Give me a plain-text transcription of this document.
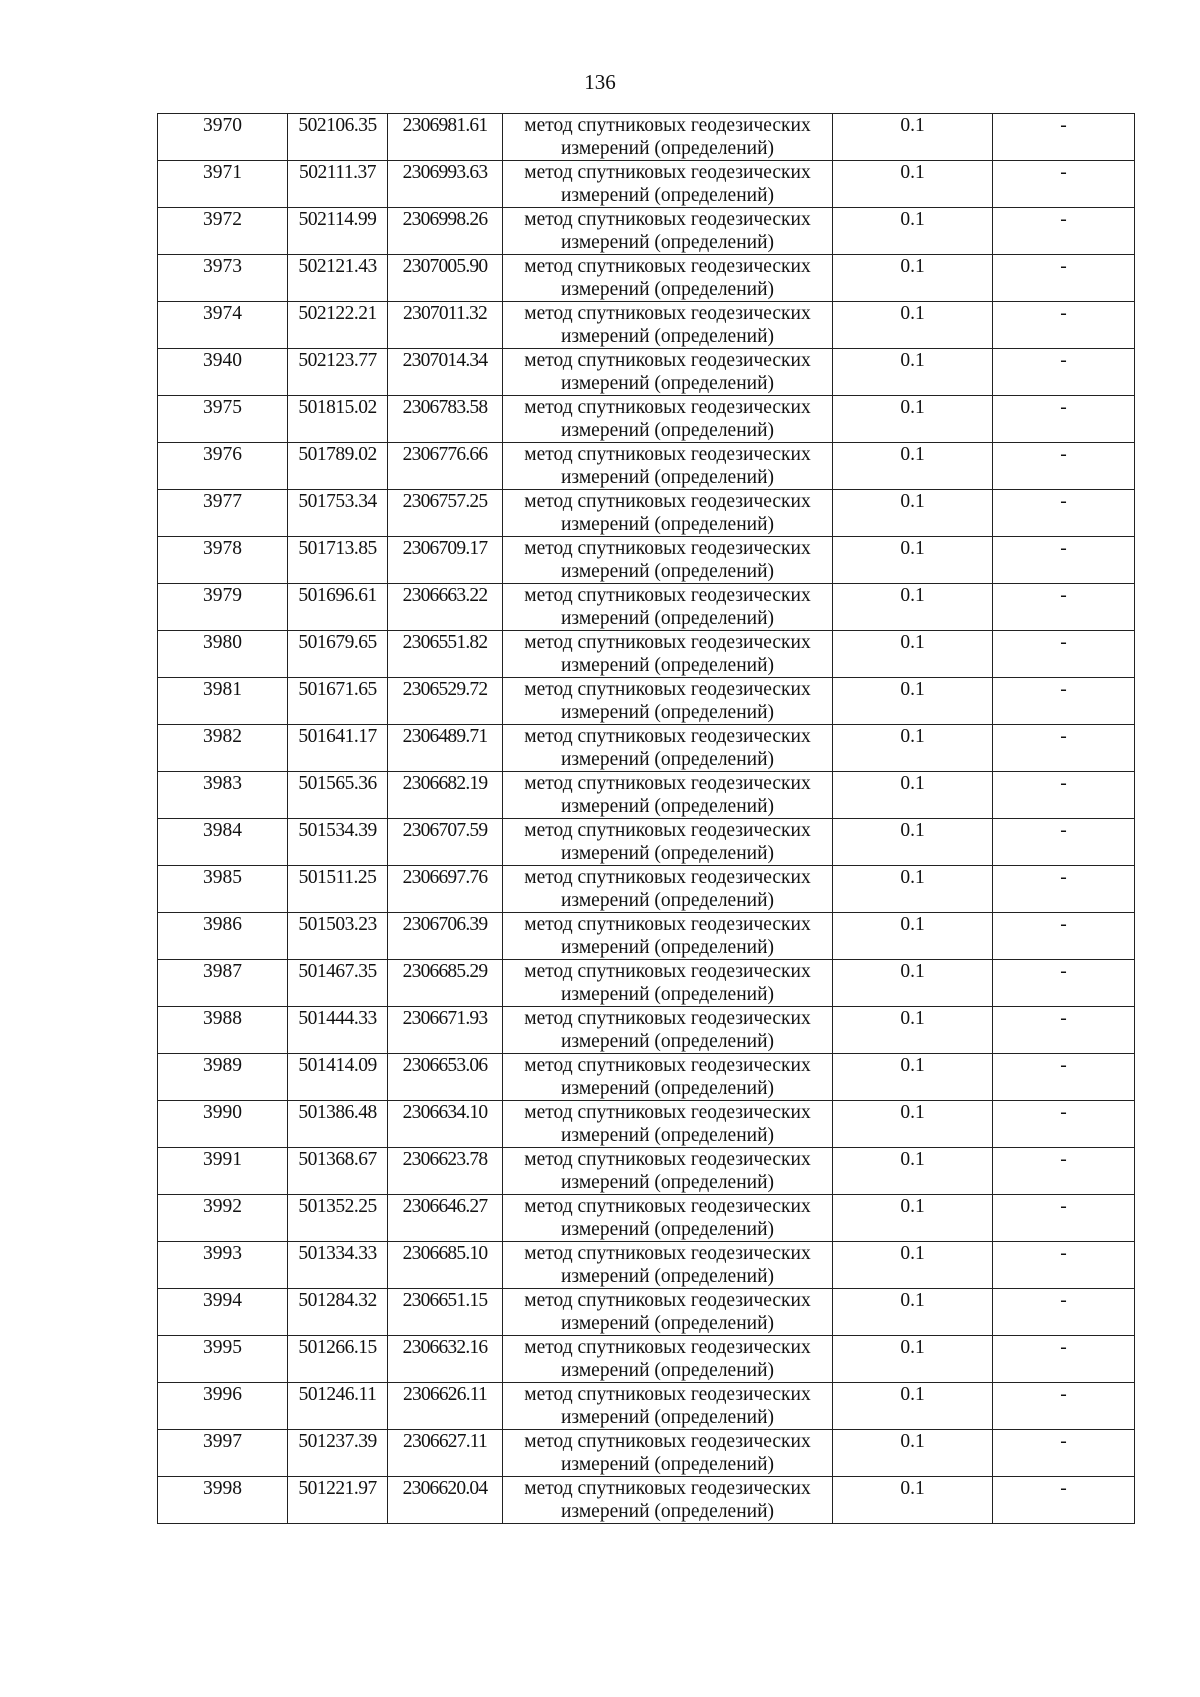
136
3970	502106.35	2306981.61	метод спутниковых геодезических
измерений (определений)	0.1	-
3971	502111.37	2306993.63	метод спутниковых геодезических
измерений (определений)	0.1	-
3972	502114.99	2306998.26	метод спутниковых геодезических
измерений (определений)	0.1	-
3973	502121.43	2307005.90	метод спутниковых геодезических
измерений (определений)	0.1	-
3974	502122.21	2307011.32	метод спутниковых геодезических
измерений (определений)	0.1	-
3940	502123.77	2307014.34	метод спутниковых геодезических
измерений (определений)	0.1	-
3975	501815.02	2306783.58	метод спутниковых геодезических
измерений (определений)	0.1	-
3976	501789.02	2306776.66	метод спутниковых геодезических
измерений (определений)	0.1	-
3977	501753.34	2306757.25	метод спутниковых геодезических
измерений (определений)	0.1	-
3978	501713.85	2306709.17	метод спутниковых геодезических
измерений (определений)	0.1	-
3979	501696.61	2306663.22	метод спутниковых геодезических
измерений (определений)	0.1	-
3980	501679.65	2306551.82	метод спутниковых геодезических
измерений (определений)	0.1	-
3981	501671.65	2306529.72	метод спутниковых геодезических
измерений (определений)	0.1	-
3982	501641.17	2306489.71	метод спутниковых геодезических
измерений (определений)	0.1	-
3983	501565.36	2306682.19	метод спутниковых геодезических
измерений (определений)	0.1	-
3984	501534.39	2306707.59	метод спутниковых геодезических
измерений (определений)	0.1	-
3985	501511.25	2306697.76	метод спутниковых геодезических
измерений (определений)	0.1	-
3986	501503.23	2306706.39	метод спутниковых геодезических
измерений (определений)	0.1	-
3987	501467.35	2306685.29	метод спутниковых геодезических
измерений (определений)	0.1	-
3988	501444.33	2306671.93	метод спутниковых геодезических
измерений (определений)	0.1	-
3989	501414.09	2306653.06	метод спутниковых геодезических
измерений (определений)	0.1	-
3990	501386.48	2306634.10	метод спутниковых геодезических
измерений (определений)	0.1	-
3991	501368.67	2306623.78	метод спутниковых геодезических
измерений (определений)	0.1	-
3992	501352.25	2306646.27	метод спутниковых геодезических
измерений (определений)	0.1	-
3993	501334.33	2306685.10	метод спутниковых геодезических
измерений (определений)	0.1	-
3994	501284.32	2306651.15	метод спутниковых геодезических
измерений (определений)	0.1	-
3995	501266.15	2306632.16	метод спутниковых геодезических
измерений (определений)	0.1	-
3996	501246.11	2306626.11	метод спутниковых геодезических
измерений (определений)	0.1	-
3997	501237.39	2306627.11	метод спутниковых геодезических
измерений (определений)	0.1	-
3998	501221.97	2306620.04	метод спутниковых геодезических
измерений (определений)	0.1	-
